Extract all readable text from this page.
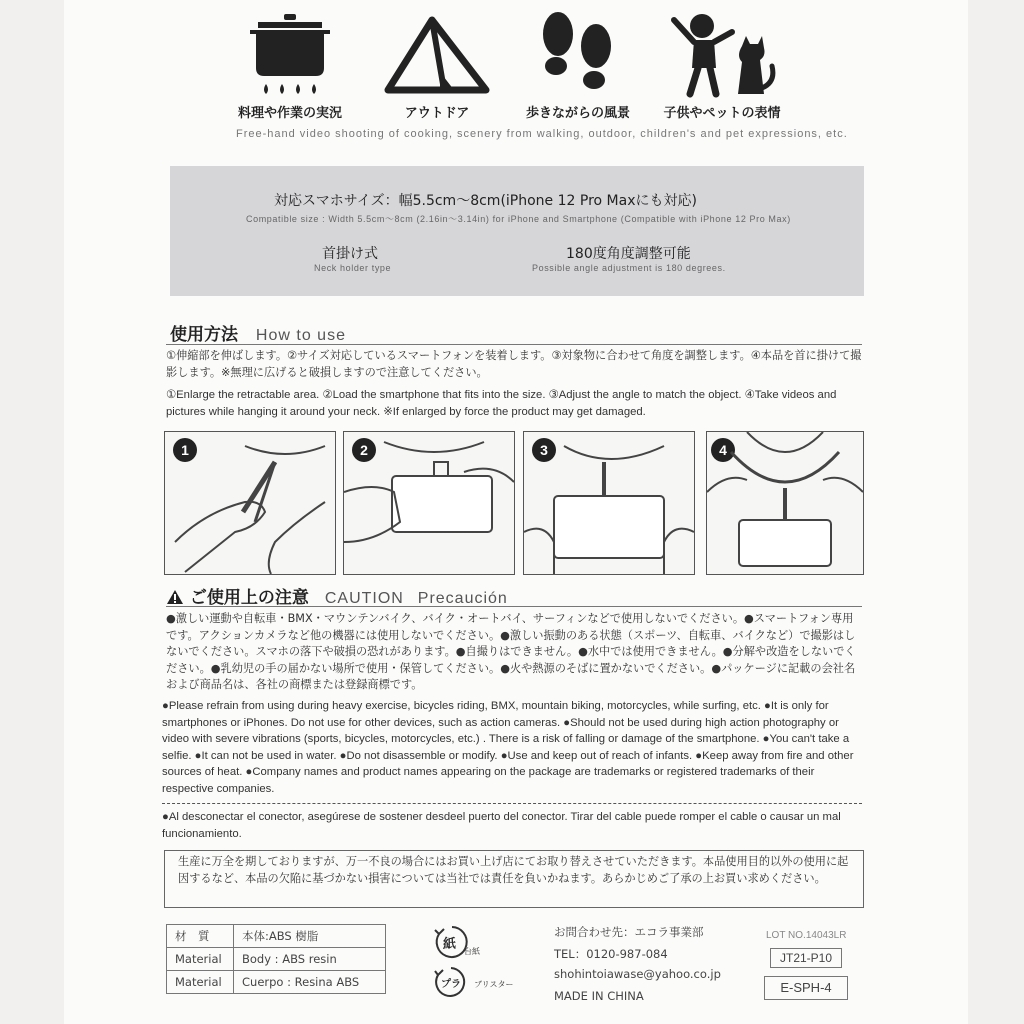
料理や作業の実況	アウトドア	歩きながらの風景	子供やペットの表情
Free-hand video shooting of cooking, scenery from walking, outdoor, children's and pet expressions, etc.
対応スマホサイズ：幅5.5cm〜8cm(iPhone 12 Pro Maxにも対応)
Compatible size : Width 5.5cm〜8cm (2.16in〜3.14in) for iPhone and Smartphone (Compatible with iPhone 12 Pro Max)
首掛け式
Neck holder type
180度角度調整可能
Possible angle adjustment is 180 degrees.
使用方法 How to use
①伸縮部を伸ばします。②サイズ対応しているスマートフォンを装着します。③対象物に合わせて角度を調整します。④本品を首に掛けて撮影します。※無理に広げると破損しますので注意してください。
①Enlarge the retractable area. ②Load the smartphone that fits into the size. ③Adjust the angle to match the object. ④Take videos and pictures while hanging it around your neck. ※If enlarged by force the product may get damaged.
1	2	3	4
ご使用上の注意 CAUTION Precaución
●激しい運動や自転車・BMX・マウンテンバイク、バイク・オートバイ、サーフィンなどで使用しないでください。●スマートフォン専用です。アクションカメラなど他の機器には使用しないでください。●激しい振動のある状態（スポーツ、自転車、バイクなど）で撮影はしないでください。スマホの落下や破損の恐れがあります。●自撮りはできません。●水中では使用できません。●分解や改造をしないでください。●乳幼児の手の届かない場所で使用・保管してください。●火や熱源のそばに置かないでください。●パッケージに記載の会社名および商品名は、各社の商標または登録商標です。
●Please refrain from using during heavy exercise, bicycles riding, BMX, mountain biking, motorcycles, while surfing, etc. ●It is only for smartphones or iPhones. Do not use for other devices, such as action cameras. ●Should not be used during high action photography or video with severe vibrations (sports, bicycles, motorcycles, etc.) . There is a risk of falling or damage of the smartphone. ●You can't take a selfie. ●It can not be used in water. ●Do not disassemble or modify. ●Use and keep out of reach of infants. ●Keep away from fire and other sources of heat. ●Company names and product names appearing on the package are trademarks or registered trademarks of their respective companies.
●Al desconectar el conector, asegúrese de sostener desdeel puerto del conector. Tirar del cable puede romper el cable o causar un mal funcionamiento.
生産に万全を期しておりますが、万一不良の場合にはお買い上げ店にてお取り替えさせていただきます。本品使用目的以外の使用に起因するなど、本品の欠陥に基づかない損害については当社では責任を負いかねます。あらかじめご了承の上お買い求めください。
材　質	本体:ABS 樹脂
Material	Body : ABS resin
Material	Cuerpo : Resina ABS
紙 台紙
プラ ブリスター
お問合わせ先：エコラ事業部
TEL：0120-987-084
shohintoiawase@yahoo.co.jp
MADE IN CHINA
LOT NO.14043LR
JT21-P10
E-SPH-4
